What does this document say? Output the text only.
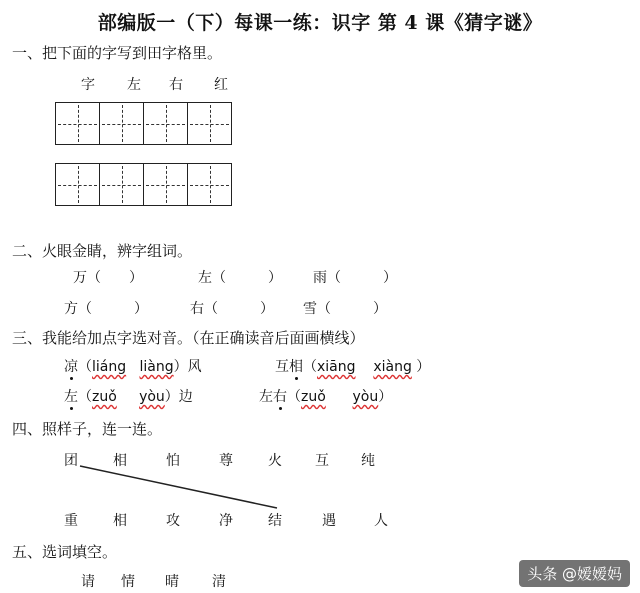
部编版一（下）每课一练：识字 第 4 课《猜字谜》
一、把下面的字写到田字格里。
字 左 右 红
二、火眼金睛，辨字组词。
万（　　）	左（　　　） 雨（　　　）
方（　　　）	右（　　　） 雪（　　　）
三、我能给加点字选对音。（在正确读音后面画横线）
凉（liáng liàng）风	互相（xiāng xiàng ）
左（zuǒ yòu）边	左右（zuǒ yòu）
四、照样子，连一连。
团	相	怕	尊	火 互 纯
重	相	攻	净	结	遇	人
五、选词填空。
请 情 晴 清	头条 @嫒嫒妈
